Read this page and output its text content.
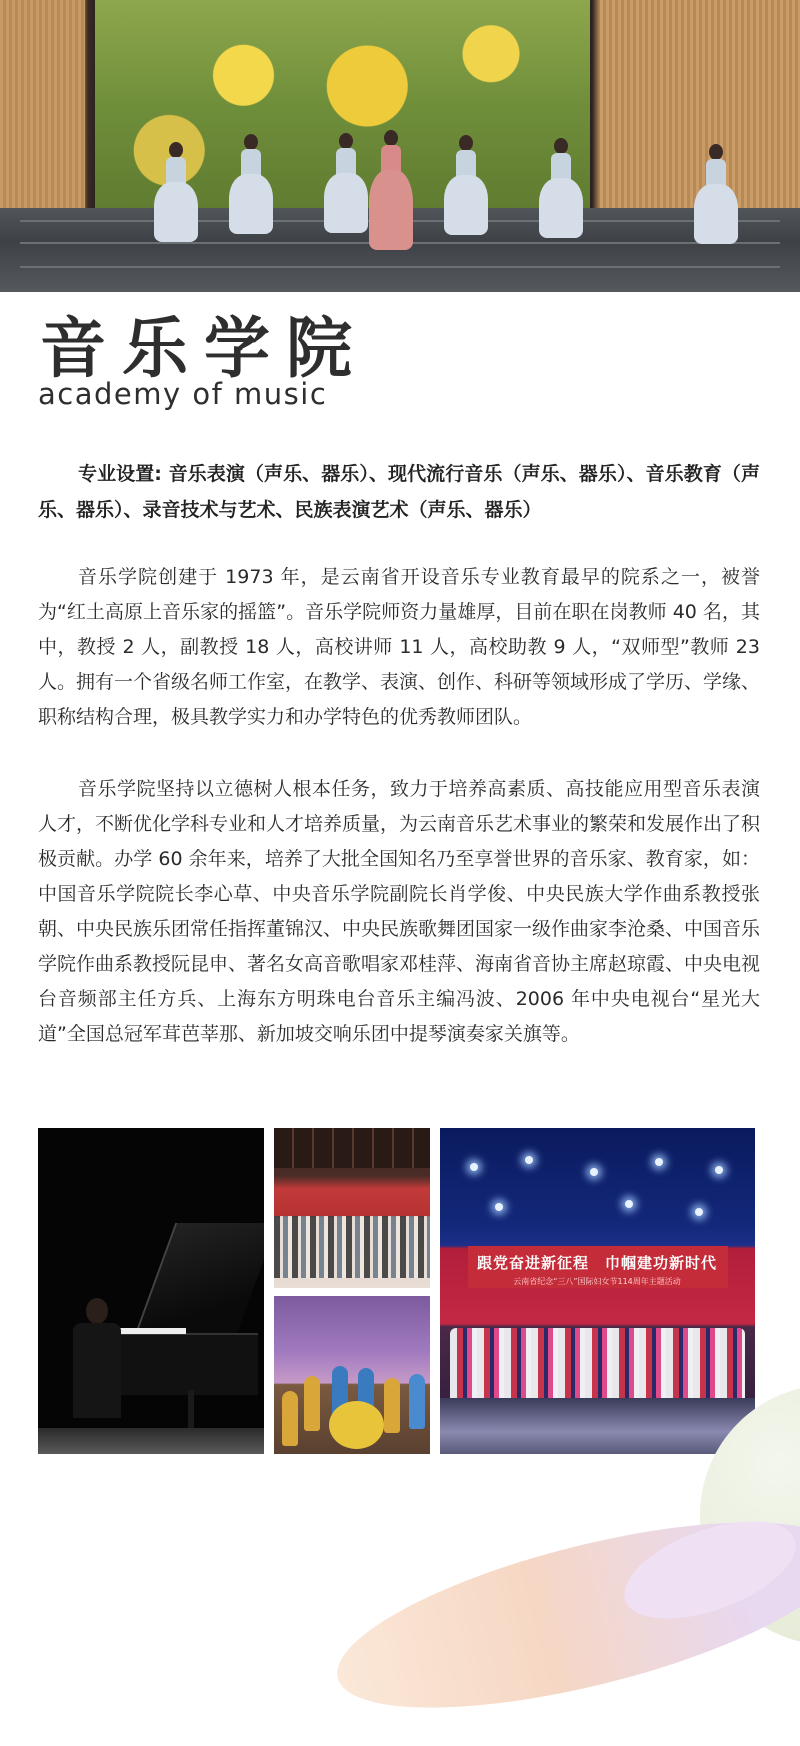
音乐学院
academy of music
专业设置: 音乐表演（声乐、器乐）、现代流行音乐（声乐、器乐）、音乐教育（声乐、器乐）、录音技术与艺术、民族表演艺术（声乐、器乐）
音乐学院创建于 1973 年，是云南省开设音乐专业教育最早的院系之一，被誉为“红土高原上音乐家的摇篮”。音乐学院师资力量雄厚，目前在职在岗教师 40 名，其中，教授 2 人，副教授 18 人，高校讲师 11 人，高校助教 9 人，“双师型”教师 23 人。拥有一个省级名师工作室，在教学、表演、创作、科研等领域形成了学历、学缘、职称结构合理，极具教学实力和办学特色的优秀教师团队。
音乐学院坚持以立德树人根本任务，致力于培养高素质、高技能应用型音乐表演人才，不断优化学科专业和人才培养质量，为云南音乐艺术事业的繁荣和发展作出了积极贡献。办学 60 余年来，培养了大批全国知名乃至享誉世界的音乐家、教育家，如：中国音乐学院院长李心草、中央音乐学院副院长肖学俊、中央民族大学作曲系教授张朝、中央民族乐团常任指挥董锦汉、中央民族歌舞团国家一级作曲家李沧桑、中国音乐学院作曲系教授阮昆申、著名女高音歌唱家邓桂萍、海南省音协主席赵琼霞、中央电视台音频部主任方兵、上海东方明珠电台音乐主编冯波、2006 年中央电视台“星光大道”全国总冠军茸芭莘那、新加坡交响乐团中提琴演奏家关旗等。
跟党奋进新征程　巾帼建功新时代
云南省纪念“三八”国际妇女节114周年主题活动
